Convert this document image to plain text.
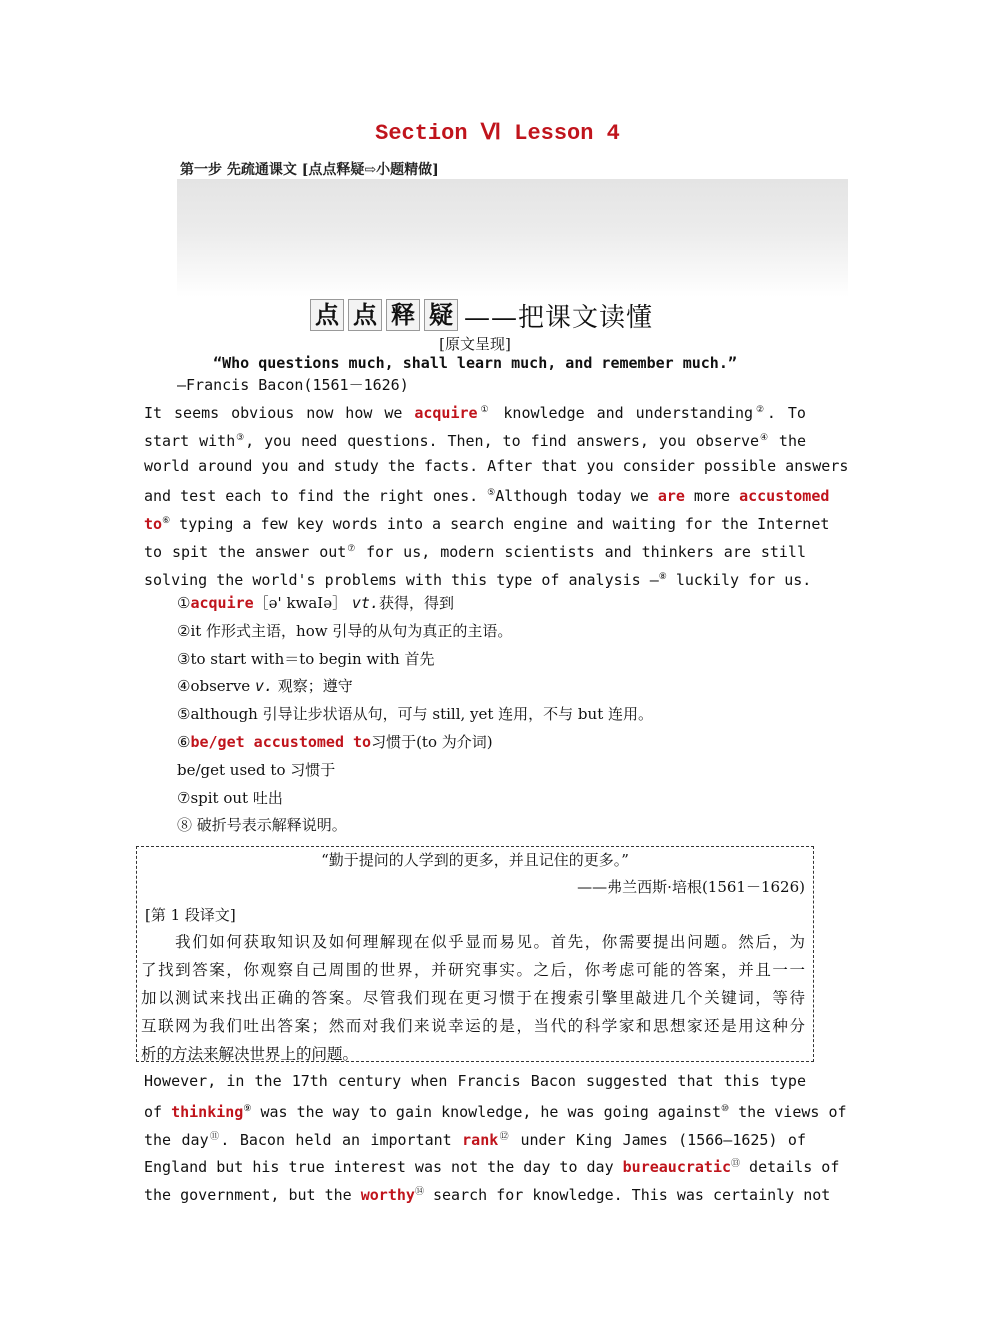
Section Ⅵ Lesson 4
第一步 先疏通课文 [点点释疑⇨小题精做]
点 点 释 疑 ——把课文读懂
[原文呈现]
“Who questions much, shall learn much, and remember much.”
—Francis Bacon(1561－1626)
It seems obvious now how we acquire① knowledge and understanding②. To
start with③, you need questions. Then, to find answers, you observe④ the
world around you and study the facts. After that you consider possible answers
and test each to find the right ones. ⑤Although today we are more accustomed
to⑥ typing a few key words into a search engine and waiting for the Internet
to spit the answer out⑦ for us, modern scientists and thinkers are still
solving the world's problems with this type of analysis —⑧ luckily for us.
①acquire［ə' kwaIə］ vt.获得，得到
②it 作形式主语，how 引导的从句为真正的主语。
③to start with＝to begin with 首先
④observe v. 观察；遵守
⑤although 引导让步状语从句，可与 still, yet 连用，不与 but 连用。
⑥be/get accustomed to习惯于(to 为介词)
be/get used to 习惯于
⑦spit out 吐出
⑧ 破折号表示解释说明。
“勤于提问的人学到的更多，并且记住的更多。”
——弗兰西斯·培根(1561－1626)
[第 1 段译文]
　　我们如何获取知识及如何理解现在似乎显而易见。首先，你需要提出问题。然后，为
了找到答案，你观察自己周围的世界，并研究事实。之后，你考虑可能的答案，并且一一
加以测试来找出正确的答案。尽管我们现在更习惯于在搜索引擎里敲进几个关键词，等待
互联网为我们吐出答案；然而对我们来说幸运的是，当代的科学家和思想家还是用这种分
析的方法来解决世界上的问题。
However, in the 17th century when Francis Bacon suggested that this type
of thinking⑨ was the way to gain knowledge, he was going against⑩ the views of
the day⑪. Bacon held an important rank⑫ under King James (1566—1625) of
England but his true interest was not the day to day bureaucratic⑬ details of
the government, but the worthy⑭ search for knowledge. This was certainly not
